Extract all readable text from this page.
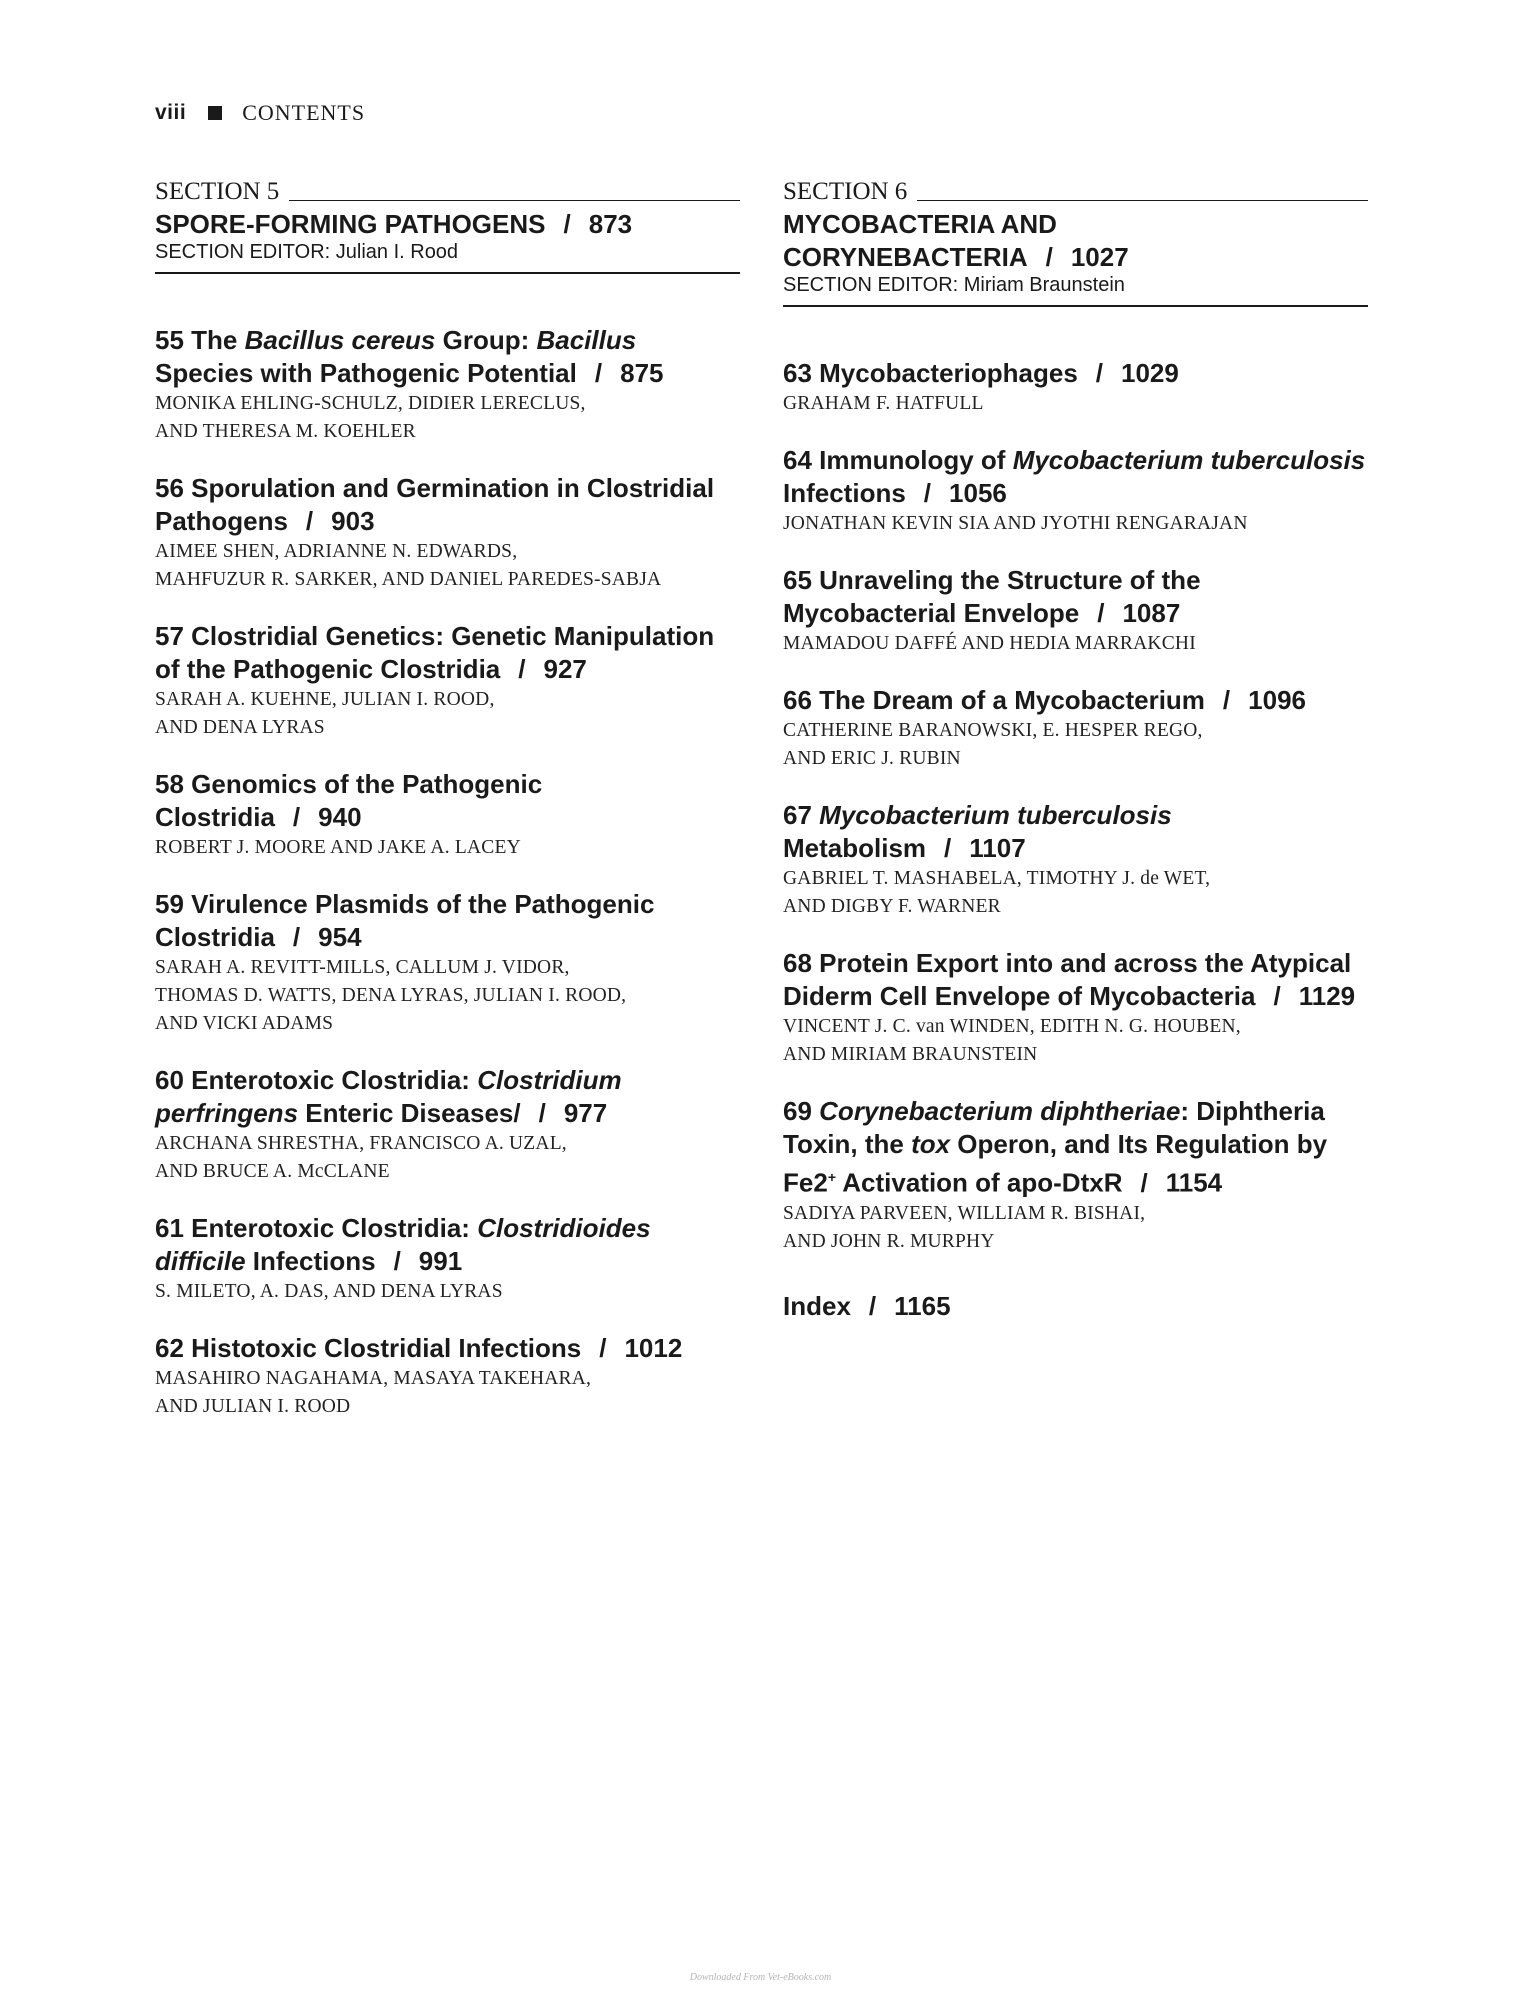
viii	CONTENTS
SECTION 5
SPORE-FORMING PATHOGENS / 873
SECTION EDITOR: Julian I. Rood
55 The Bacillus cereus Group: Bacillus Species with Pathogenic Potential / 875
MONIKA EHLING-SCHULZ, DIDIER LERECLUS,
AND THERESA M. KOEHLER
56 Sporulation and Germination in Clostridial Pathogens / 903
AIMEE SHEN, ADRIANNE N. EDWARDS,
MAHFUZUR R. SARKER, AND DANIEL PAREDES-SABJA
57 Clostridial Genetics: Genetic Manipulation of the Pathogenic Clostridia / 927
SARAH A. KUEHNE, JULIAN I. ROOD,
AND DENA LYRAS
58 Genomics of the Pathogenic Clostridia / 940
ROBERT J. MOORE AND JAKE A. LACEY
59 Virulence Plasmids of the Pathogenic Clostridia / 954
SARAH A. REVITT-MILLS, CALLUM J. VIDOR,
THOMAS D. WATTS, DENA LYRAS, JULIAN I. ROOD,
AND VICKI ADAMS
60 Enterotoxic Clostridia: Clostridium perfringens Enteric Diseases/ / 977
ARCHANA SHRESTHA, FRANCISCO A. UZAL,
AND BRUCE A. McCLANE
61 Enterotoxic Clostridia: Clostridioides difficile Infections / 991
S. MILETO, A. DAS, AND DENA LYRAS
62 Histotoxic Clostridial Infections / 1012
MASAHIRO NAGAHAMA, MASAYA TAKEHARA,
AND JULIAN I. ROOD
SECTION 6
MYCOBACTERIA AND
CORYNEBACTERIA / 1027
SECTION EDITOR: Miriam Braunstein
63 Mycobacteriophages / 1029
GRAHAM F. HATFULL
64 Immunology of Mycobacterium tuberculosis Infections / 1056
JONATHAN KEVIN SIA AND JYOTHI RENGARAJAN
65 Unraveling the Structure of the Mycobacterial Envelope / 1087
MAMADOU DAFFÉ AND HEDIA MARRAKCHI
66 The Dream of a Mycobacterium / 1096
CATHERINE BARANOWSKI, E. HESPER REGO,
AND ERIC J. RUBIN
67 Mycobacterium tuberculosis Metabolism / 1107
GABRIEL T. MASHABELA, TIMOTHY J. de WET,
AND DIGBY F. WARNER
68 Protein Export into and across the Atypical Diderm Cell Envelope of Mycobacteria / 1129
VINCENT J. C. van WINDEN, EDITH N. G. HOUBEN,
AND MIRIAM BRAUNSTEIN
69 Corynebacterium diphtheriae: Diphtheria Toxin, the tox Operon, and Its Regulation by Fe2+ Activation of apo-DtxR / 1154
SADIYA PARVEEN, WILLIAM R. BISHAI,
AND JOHN R. MURPHY
Index / 1165
Downloaded From Vet-eBooks.com
